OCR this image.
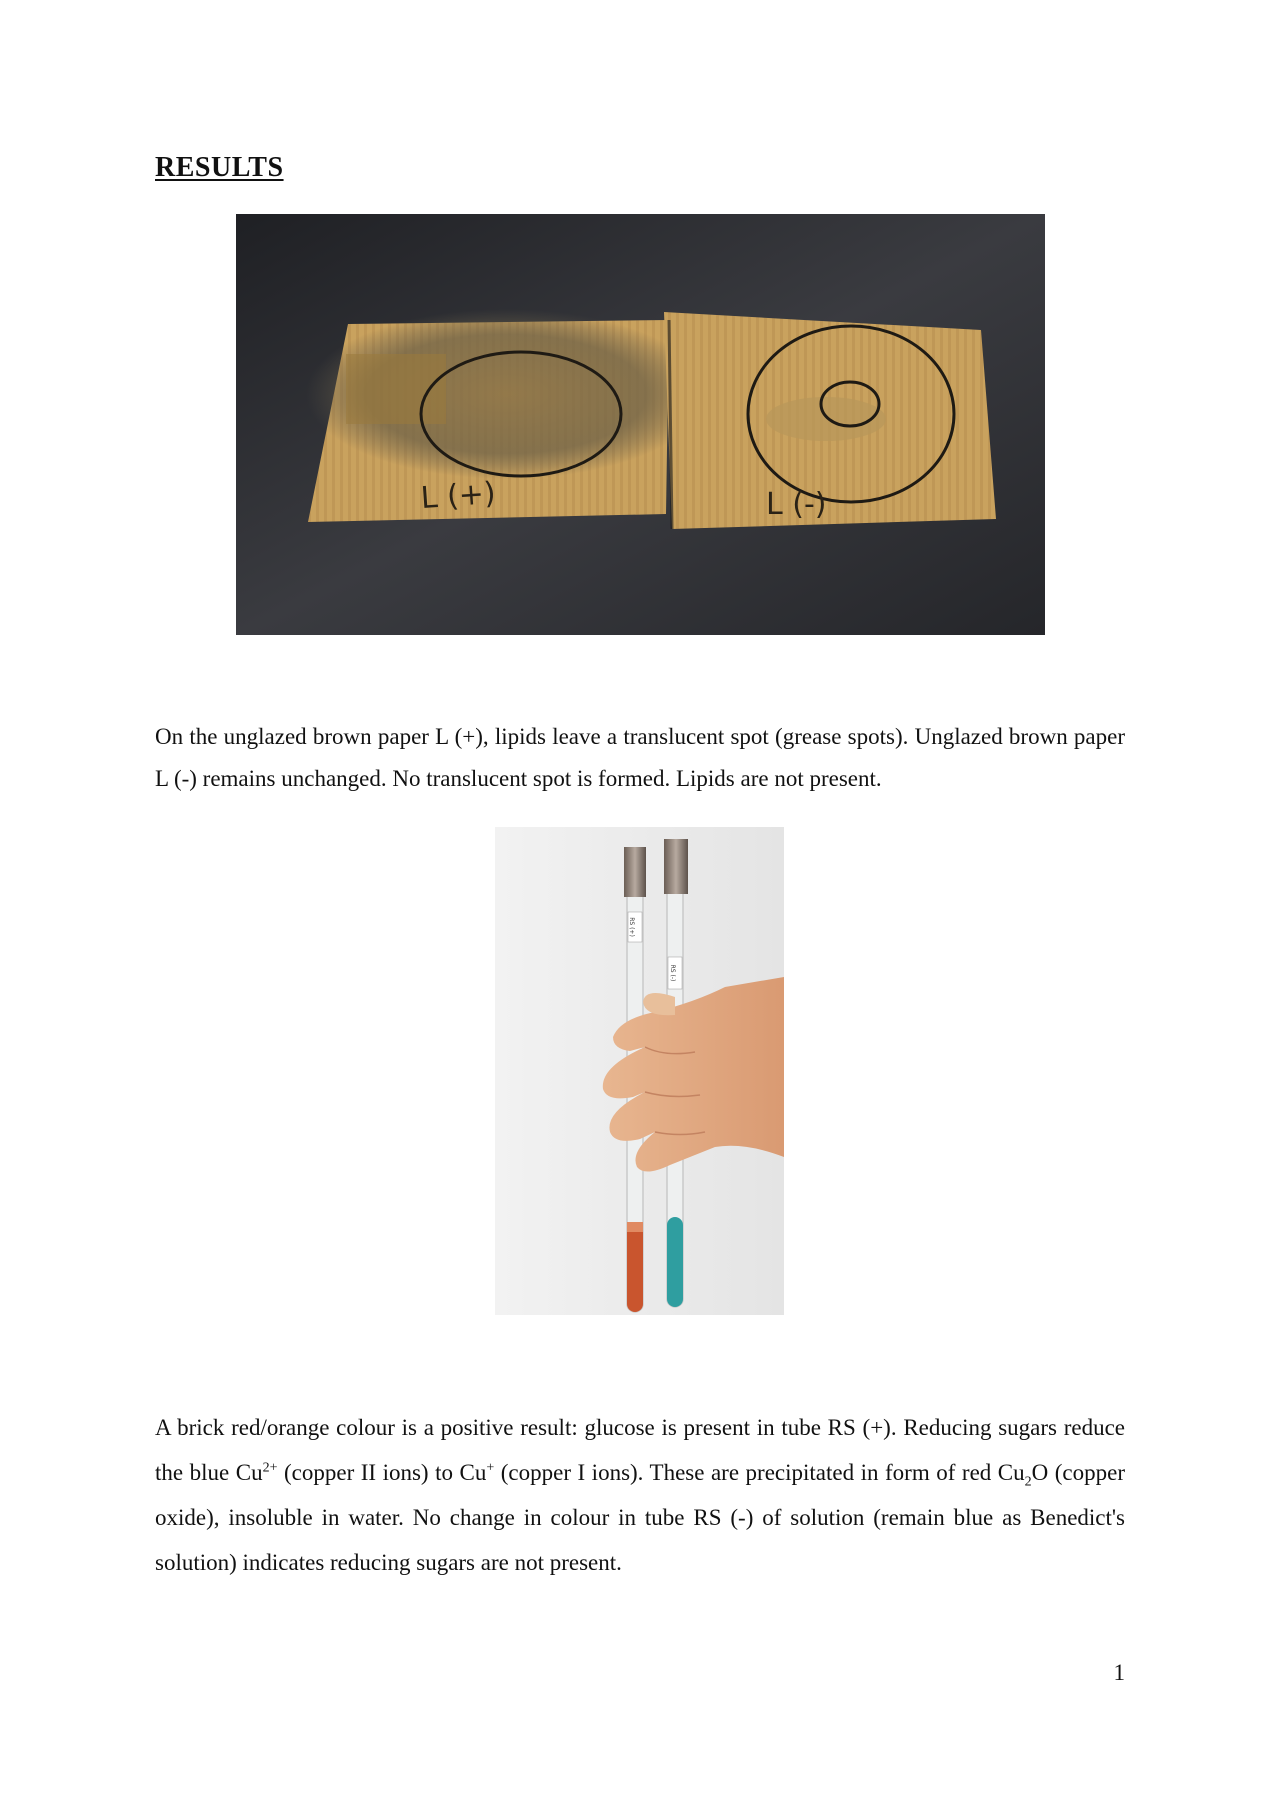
RESULTS
L (+)	L (-)

On the unglazed brown paper L (+), lipids leave a translucent spot (grease spots). Unglazed brown paper L (-) remains unchanged. No translucent spot is formed. Lipids are not present.

RS (+)
RS (-)

A brick red/orange colour is a positive result: glucose is present in tube RS (+). Reducing sugars reduce the blue $Cu^{2+}$ (copper II ions) to Cu+ (copper I ions). These are precipitated in form of red $Cu_2O$ (copper oxide), insoluble in water. No change in colour in tube RS (-) of solution (remain blue as Benedict's solution) indicates reducing sugars are not present.

1
